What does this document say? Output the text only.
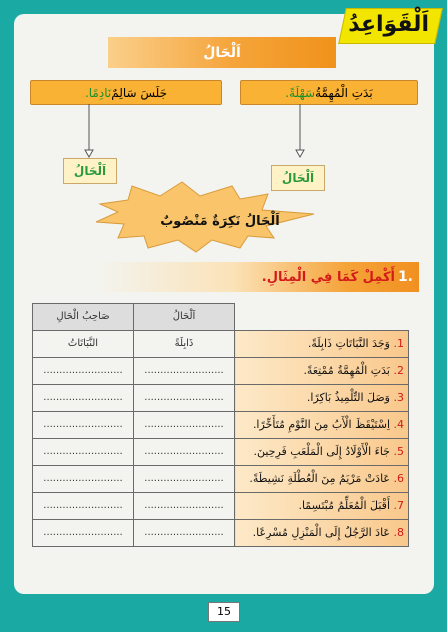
اَلْقَوَاعِدُ
اَلْحَالُ
بَدَتِ الْمُهِمَّةُ
سَهْلَةً.
جَلَسَ سَالِمٌ
نَادِمًا.
اَلْحَالُ
اَلْحَالُ
اَلْحَالُ نَكِرَةٌ مَنْصُوبٌ
1.
أَكْمِلْ كَمَا فِي الْمِثَالِ.
صَاحِبُ الْحَالِ	اَلْحَالُ	
النَّبَاتَاتُ	ذَابِلَةً	1. وَجَدَ النَّبَاتَاتِ ذَابِلَةً.
.........................	.........................	2. بَدَتِ الْمُهِمَّةُ مُمْتِعَةً.
.........................	.........................	3. وَصَلَ التِّلْمِيذُ بَاكِرًا.
.........................	.........................	4. اِسْتَيْقَظَ الْأَبُ مِنَ النَّوْمِ مُتَأَخِّرًا.
.........................	.........................	5. جَاءَ الْأَوْلَادُ إِلَى الْمَلْعَبِ فَرِحِينَ.
.........................	.........................	6. عَادَتْ مَرْيَمُ مِنَ الْعُطْلَةِ نَشِيطَةً.
.........................	.........................	7. أَقْبَلَ الْمُعَلِّمُ مُبْتَسِمًا.
.........................	.........................	8. عَادَ الرَّجُلُ إِلَى الْمَنْزِلِ مُسْرِعًا.
15
